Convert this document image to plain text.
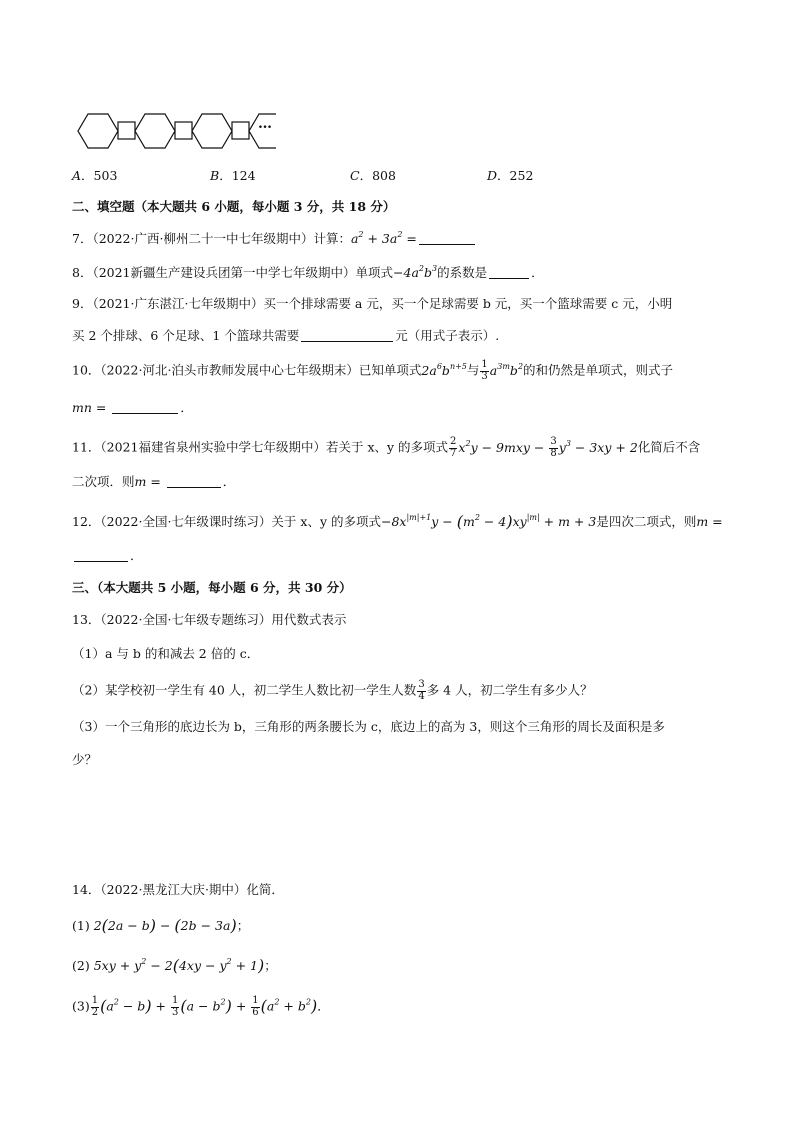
…
A．503	B．124	C．808	D．252
二、填空题（本大题共 6 小题，每小题 3 分，共 18 分）
7．（2022·广西·柳州二十一中七年级期中）计算：$a^2 + 3a^2$ =
8．（2021新疆生产建设兵团第一中学七年级期中）单项式$-4a^2b^3$的系数是	．
9．（2021·广东湛江·七年级期中）买一个排球需要 a 元，买一个足球需要 b 元，买一个篮球需要 c 元，小明
买 2 个排球、6 个足球、1 个篮球共需要	元（用式子表示）.
10．（2022·河北·泊头市教师发展中心七年级期末）已知单项式$2a^6b^{n+5}$与 $\frac{1}{3} a^{3m}b^2$的和仍然是单项式，则式子
mn =	．
11．（2021福建省泉州实验中学七年级期中）若关于 x、y 的多项式 $\frac{2}{7} x^2y - 9mxy - \frac{3}{8} y^3 - 3xy + 2$化简后不含
二次项．则m =	．
12．（2022·全国·七年级课时练习）关于 x、y 的多项式$-8x^{|m|+1}y - (m^2 - 4)xy^{|m|} + m + 3$是四次二项式，则m =
．
三、（本大题共 5 小题，每小题 6 分，共 30 分）
13．（2022·全国·七年级专题练习）用代数式表示
（1）a 与 b 的和减去 2 倍的 c．
（2）某学校初一学生有 40 人，初二学生人数比初一学生人数 $\frac{3}{4}$ 多 4 人，初二学生有多少人？
（3）一个三角形的底边长为 b，三角形的两条腰长为 c，底边上的高为 3，则这个三角形的周长及面积是多
少？
14．（2022·黑龙江大庆·期中）化简．
(1) 2(2a − b) − (2b − 3a)；
(2) $5xy + y^2 - 2(4xy - y^2 + 1)$；
$(3) \frac{1}{2} (a^2 - b) + \frac{1}{3} (a - b^2) + \frac{1}{6} (a^2 + b^2)$．
